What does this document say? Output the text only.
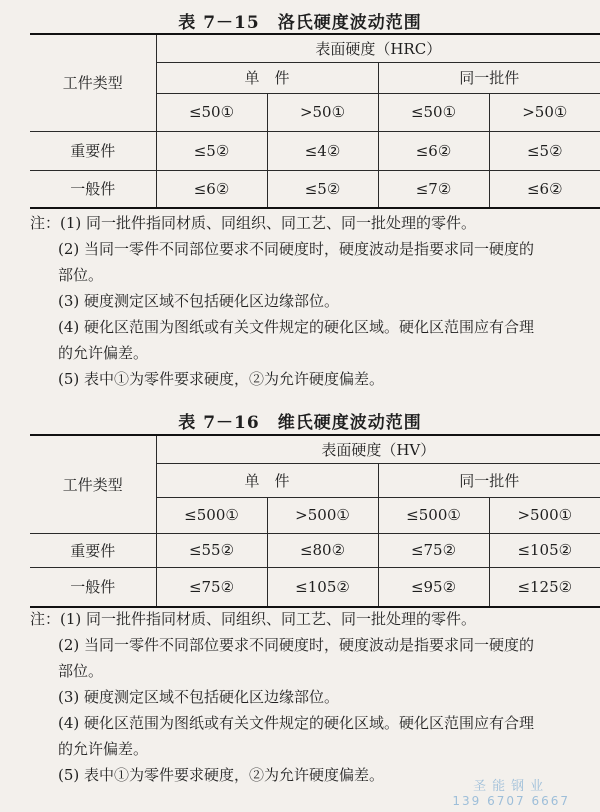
表 7－15　洛氏硬度波动范围
工件类型	表面硬度（HRC）			
	单　件		同一批件	
	≤50①	>50①	≤50①	>50①
重要件	≤5②	≤4②	≤6②	≤5②
一般件	≤6②	≤5②	≤7②	≤6②

注：(1) 同一批件指同材质、同组织、同工艺、同一批处理的零件。

(2) 当同一零件不同部位要求不同硬度时，硬度波动是指要求同一硬度的

部位。

(3) 硬度测定区域不包括硬化区边缘部位。

(4) 硬化区范围为图纸或有关文件规定的硬化区域。硬化区范围应有合理

的允许偏差。

(5) 表中①为零件要求硬度，②为允许硬度偏差。

表 7－16　维氏硬度波动范围
工件类型	表面硬度（HV）			
	单　件		同一批件	
	≤500①	>500①	≤500①	>500①
重要件	≤55②	≤80②	≤75②	≤105②
一般件	≤75②	≤105②	≤95②	≤125②

注：(1) 同一批件指同材质、同组织、同工艺、同一批处理的零件。

(2) 当同一零件不同部位要求不同硬度时，硬度波动是指要求同一硬度的

部位。

(3) 硬度测定区域不包括硬化区边缘部位。

(4) 硬化区范围为图纸或有关文件规定的硬化区域。硬化区范围应有合理

的允许偏差。

(5) 表中①为零件要求硬度，②为允许硬度偏差。

圣能钢业
139 6707 6667
